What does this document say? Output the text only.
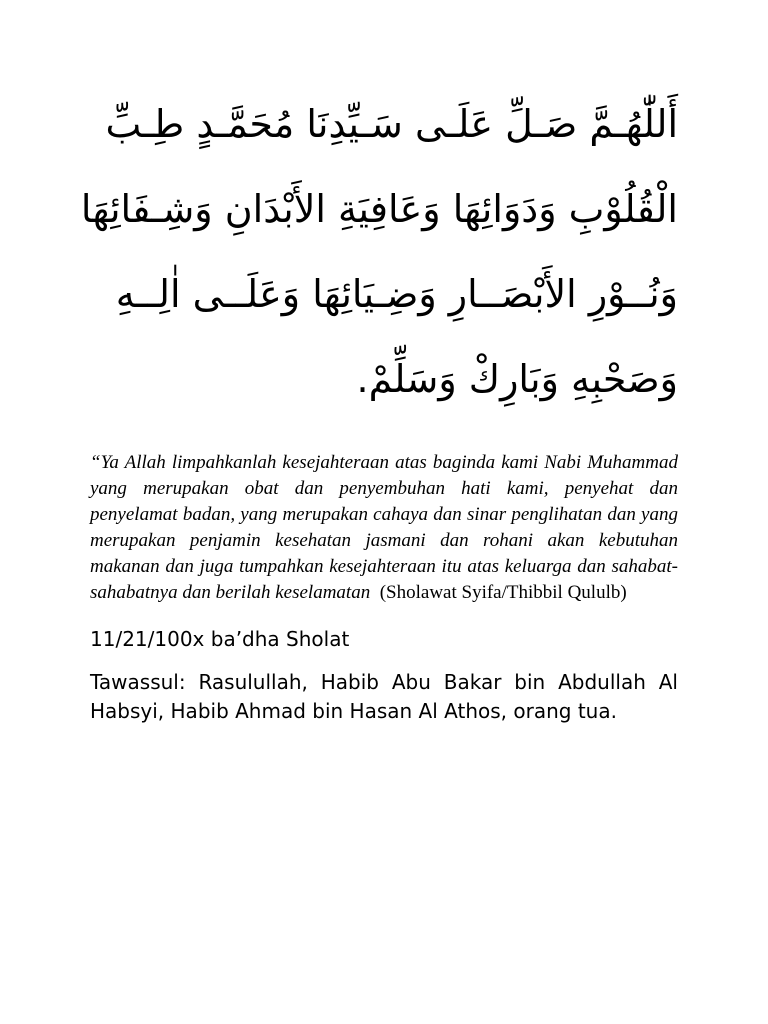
أَللّٰهُـمَّ صَـلِّ عَلَـى سَـيِّدِنَا مُحَمَّـدٍ طِـبِّ
الْقُلُوْبِ وَدَوَائِهَا وَعَافِيَةِ الأَبْدَانِ وَشِـفَائِهَا
وَنُــوْرِ الأَبْصَــارِ وَضِـيَائِهَا وَعَلَــى اٰلِــهِ
وَصَحْبِهِ وَبَارِكْ وَسَلِّمْ.

“Ya Allah limpahkanlah kesejahteraan atas baginda kami Nabi Muhammad yang merupakan obat dan penyembuhan hati kami, penyehat dan penyelamat badan, yang merupakan cahaya dan sinar penglihatan dan yang merupakan penjamin kesehatan jasmani dan rohani akan kebutuhan makanan dan juga tumpahkan kesejahteraan itu atas keluarga dan sahabat-sahabatnya dan berilah keselamatan (Sholawat Syifa/Thibbil Qululb)

11/21/100x ba’dha Sholat
Tawassul: Rasulullah, Habib Abu Bakar bin Abdullah Al Habsyi, Habib Ahmad bin Hasan Al Athos, orang tua.
